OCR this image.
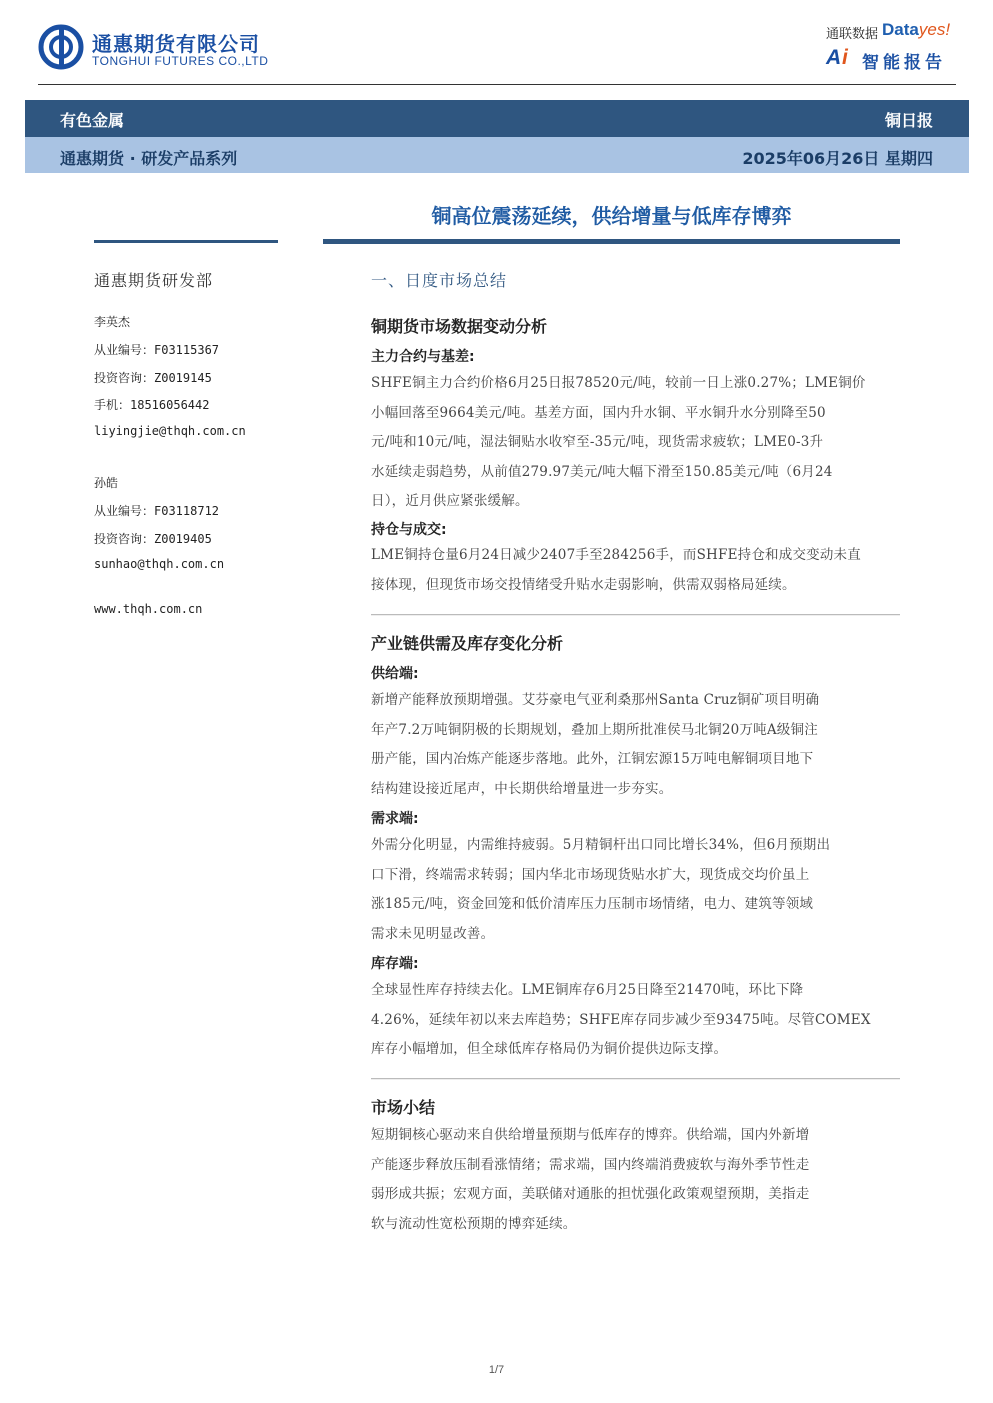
通惠期货有限公司
TONGHUI FUTURES CO.,LTD
通联数据 Datayes!
A i 智能报告
有色金属	铜日报
通惠期货 · 研发产品系列	2025年06月26日 星期四
铜高位震荡延续，供给增量与低库存博弈
通惠期货研发部
李英杰
从业编号：F03115367
投资咨询：Z0019145
手机：18516056442
liyingjie@thqh.com.cn
孙皓
从业编号：F03118712
投资咨询：Z0019405
sunhao@thqh.com.cn
www.thqh.com.cn
一、日度市场总结
铜期货市场数据变动分析
主力合约与基差:
SHFE铜主力合约价格6月25日报78520元/吨，较前一日上涨0.27%；LME铜价
小幅回落至9664美元/吨。基差方面，国内升水铜、平水铜升水分别降至50
元/吨和10元/吨，湿法铜贴水收窄至-35元/吨，现货需求疲软；LME0-3升
水延续走弱趋势，从前值279.97美元/吨大幅下滑至150.85美元/吨（6月24
日），近月供应紧张缓解。
持仓与成交:
LME铜持仓量6月24日减少2407手至284256手，而SHFE持仓和成交变动未直
接体现，但现货市场交投情绪受升贴水走弱影响，供需双弱格局延续。
产业链供需及库存变化分析
供给端:
新增产能释放预期增强。艾芬豪电气亚利桑那州Santa Cruz铜矿项目明确
年产7.2万吨铜阴极的长期规划，叠加上期所批准侯马北铜20万吨A级铜注
册产能，国内冶炼产能逐步落地。此外，江铜宏源15万吨电解铜项目地下
结构建设接近尾声，中长期供给增量进一步夯实。
需求端:
外需分化明显，内需维持疲弱。5月精铜杆出口同比增长34%，但6月预期出
口下滑，终端需求转弱；国内华北市场现货贴水扩大，现货成交均价虽上
涨185元/吨，资金回笼和低价清库压力压制市场情绪，电力、建筑等领域
需求未见明显改善。
库存端:
全球显性库存持续去化。LME铜库存6月25日降至21470吨，环比下降
4.26%，延续年初以来去库趋势；SHFE库存同步减少至93475吨。尽管COMEX
库存小幅增加，但全球低库存格局仍为铜价提供边际支撑。
市场小结
短期铜核心驱动来自供给增量预期与低库存的博弈。供给端，国内外新增
产能逐步释放压制看涨情绪；需求端，国内终端消费疲软与海外季节性走
弱形成共振；宏观方面，美联储对通胀的担忧强化政策观望预期，美指走
软与流动性宽松预期的博弈延续。
1/7
